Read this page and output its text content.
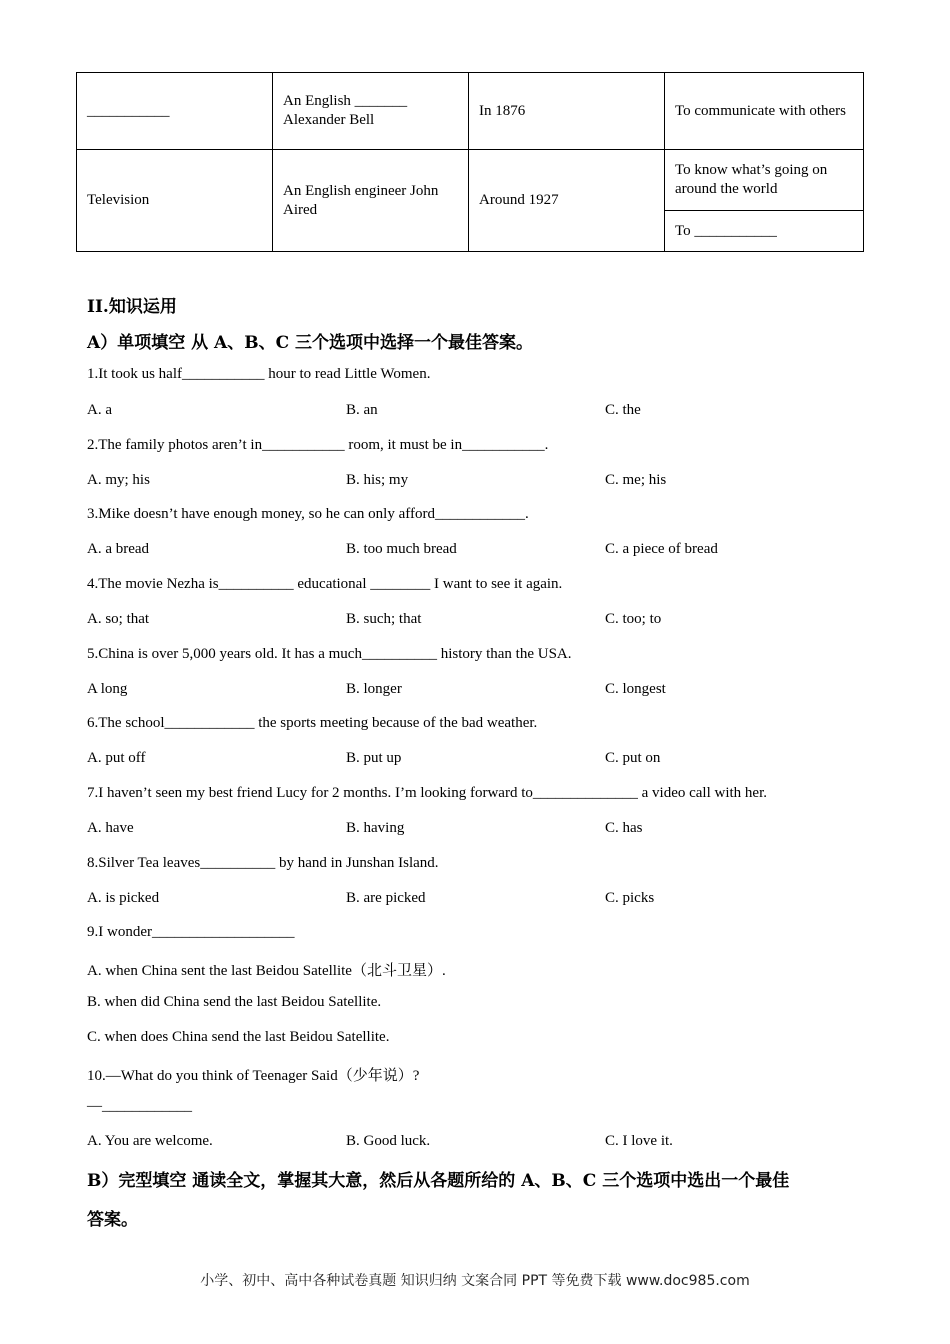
___________	An English _______ Alexander Bell	In 1876	To communicate with others
Television	An English engineer John Aired	Around 1927	To know what’s going on around the world
			To ___________
II.知识运用
A）单项填空 从 A、B、C 三个选项中选择一个最佳答案。
1.It took us half___________ hour to read Little Women.
A. a	B. an	C. the
2.The family photos aren’t in___________ room, it must be in___________.
A. my; his	B. his; my	C. me; his
3.Mike doesn’t have enough money, so he can only afford____________.
A. a bread	B. too much bread	C. a piece of bread
4.The movie Nezha is__________ educational ________ I want to see it again.
A. so; that	B. such; that	C. too; to
5.China is over 5,000 years old. It has a much__________ history than the USA.
A long	B. longer	C. longest
6.The school____________ the sports meeting because of the bad weather.
A. put off	B. put up	C. put on
7.I haven’t seen my best friend Lucy for 2 months. I’m looking forward to______________ a video call with her.
A. have	B. having	C. has
8.Silver Tea leaves__________ by hand in Junshan Island.
A. is picked	B. are picked	C. picks
9.I wonder___________________
A. when China sent the last Beidou Satellite（北斗卫星）.
B. when did China send the last Beidou Satellite.
C. when does China send the last Beidou Satellite.
10.—What do you think of Teenager Said（少年说）?
—____________
A. You are welcome.	B. Good luck.	C. I love it.
B）完型填空 通读全文，掌握其大意，然后从各题所给的 A、B、C 三个选项中选出一个最佳
答案。
小学、初中、高中各种试卷真题 知识归纳 文案合同 PPT 等免费下载 www.doc985.com
